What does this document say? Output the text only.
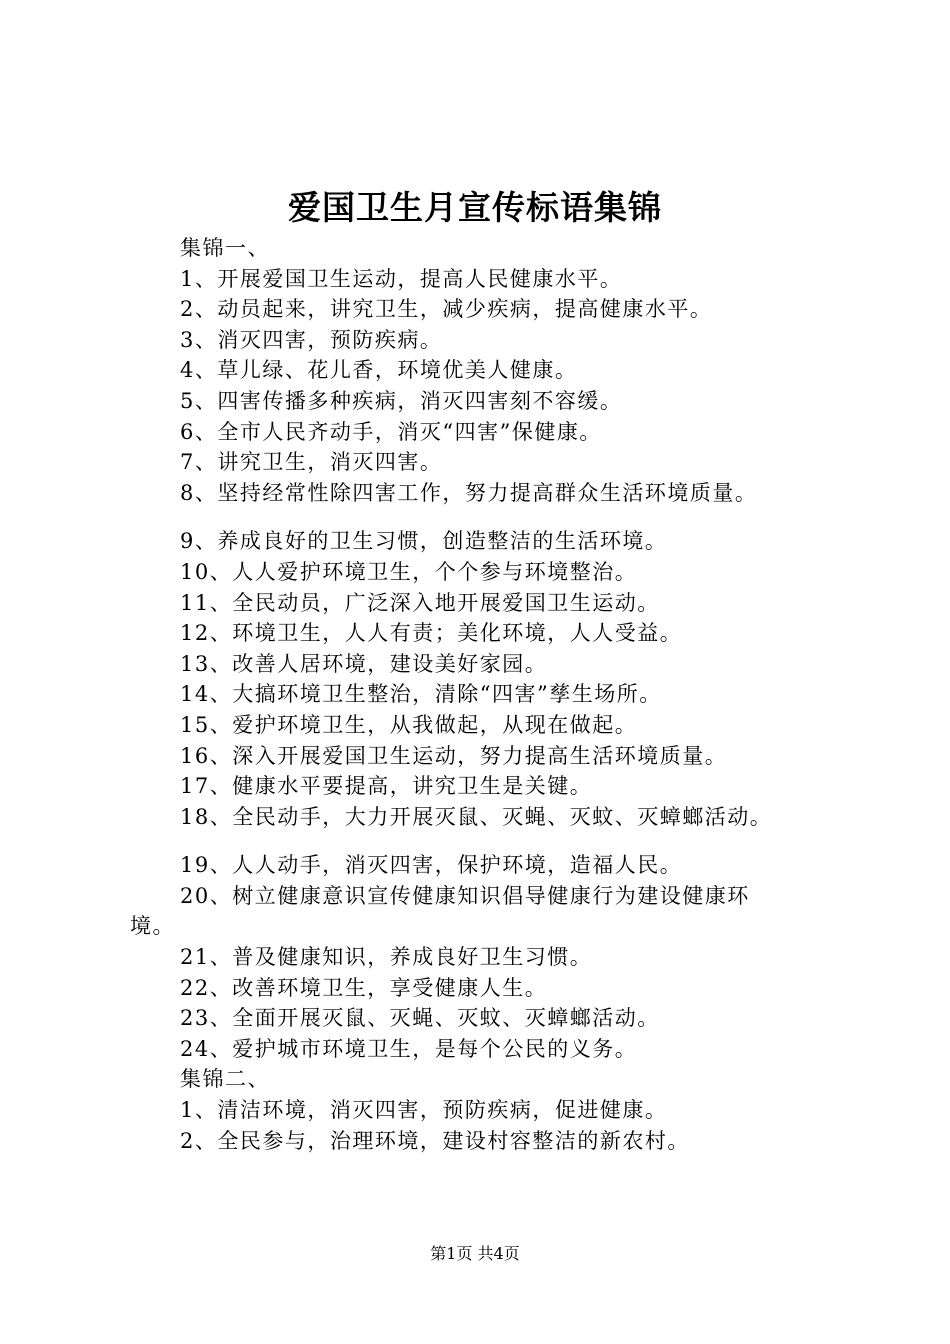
爱国卫生月宣传标语集锦
集锦一、
1、开展爱国卫生运动，提高人民健康水平。
2、动员起来，讲究卫生，减少疾病，提高健康水平。
3、消灭四害，预防疾病。
4、草儿绿、花儿香，环境优美人健康。
5、四害传播多种疾病，消灭四害刻不容缓。
6、全市人民齐动手，消灭“四害”保健康。
7、讲究卫生，消灭四害。
8、坚持经常性除四害工作，努力提高群众生活环境质量。
9、养成良好的卫生习惯，创造整洁的生活环境。
10、人人爱护环境卫生，个个参与环境整治。
11、全民动员，广泛深入地开展爱国卫生运动。
12、环境卫生，人人有责；美化环境，人人受益。
13、改善人居环境，建设美好家园。
14、大搞环境卫生整治，清除“四害”孳生场所。
15、爱护环境卫生，从我做起，从现在做起。
16、深入开展爱国卫生运动，努力提高生活环境质量。
17、健康水平要提高，讲究卫生是关键。
18、全民动手，大力开展灭鼠、灭蝇、灭蚊、灭蟑螂活动。
19、人人动手，消灭四害，保护环境，造福人民。
20、树立健康意识宣传健康知识倡导健康行为建设健康环
境。
21、普及健康知识，养成良好卫生习惯。
22、改善环境卫生，享受健康人生。
23、全面开展灭鼠、灭蝇、灭蚊、灭蟑螂活动。
24、爱护城市环境卫生，是每个公民的义务。
集锦二、
1、清洁环境，消灭四害，预防疾病，促进健康。
2、全民参与，治理环境，建设村容整洁的新农村。
第1页 共4页
